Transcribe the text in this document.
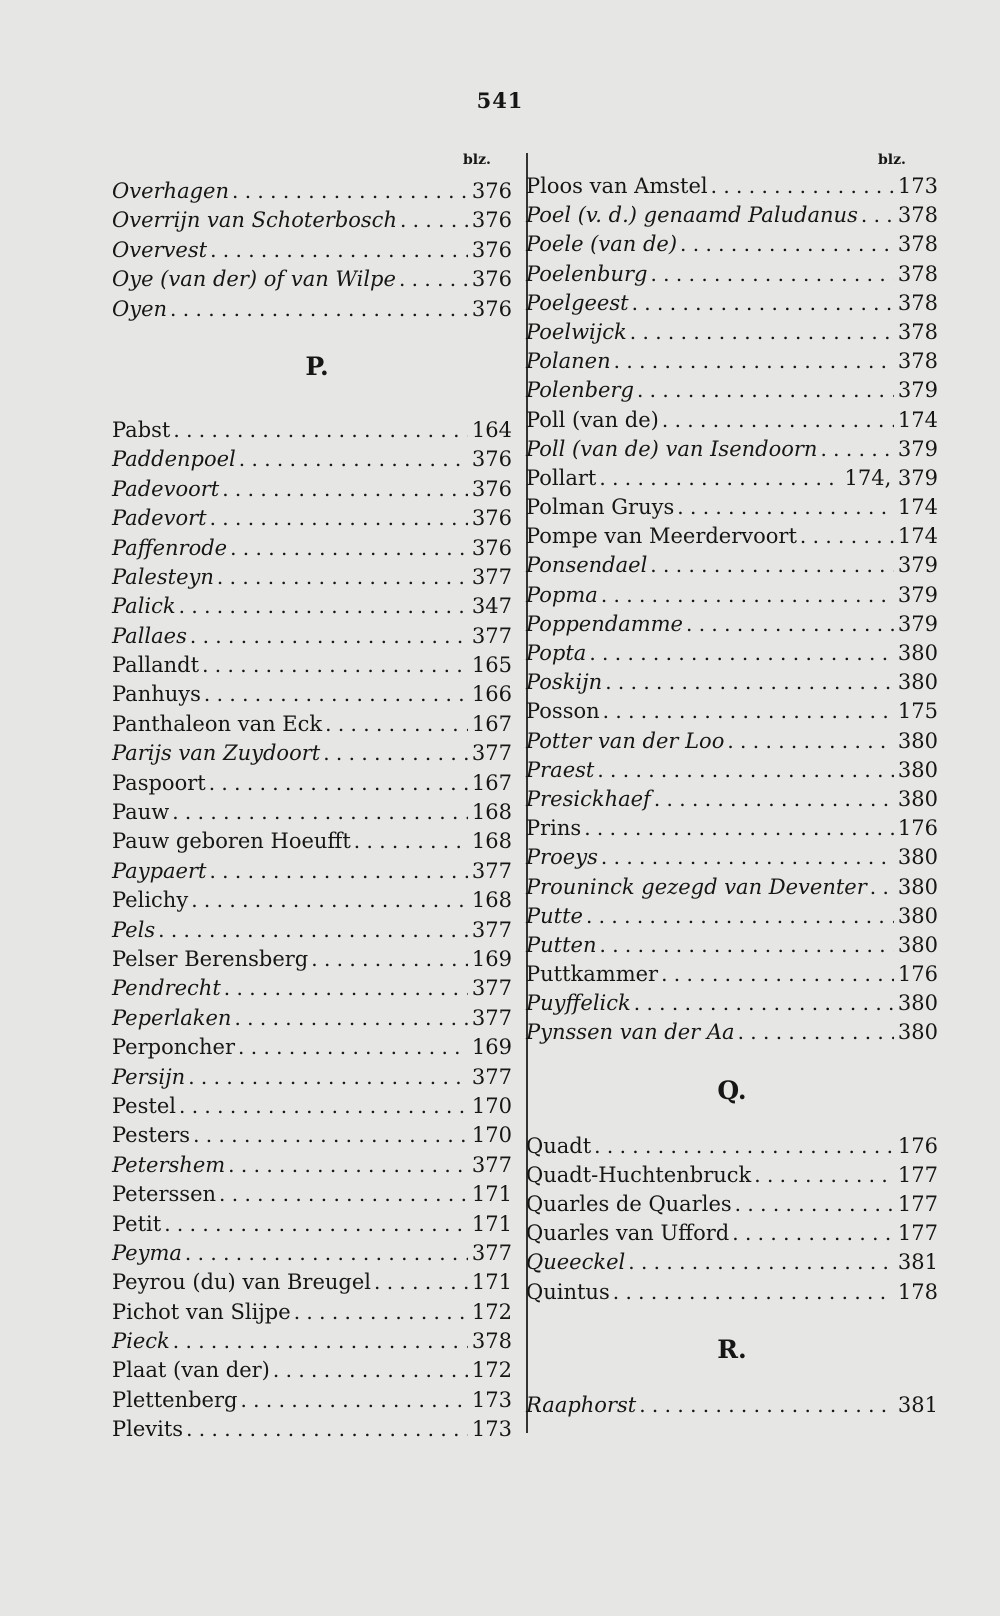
541
blz.	blz.
Overhagen . . .	376
Overrijn van Schoterbosch . . .	376
Overvest . . .	376
Oye (van der) of van Wilpe . . .	376
Oyen . . .	376
P.
Pabst . . .	164
Paddenpoel . . .	376
Padevoort . . .	376
Padevort . . .	376
Paffenrode . . .	376
Palesteyn . . .	377
Palick . . .	347
Pallaes . . .	377
Pallandt . . .	165
Panhuys . . .	166
Panthaleon van Eck . . .	167
Parijs van Zuydoort . . .	377
Paspoort . . .	167
Pauw . . .	168
Pauw geboren Hoeufft . . .	168
Paypaert . . .	377
Pelichy . . .	168
Pels . . .	377
Pelser Berensberg . . .	169
Pendrecht . . .	377
Peperlaken . . .	377
Perponcher . . .	169
Persijn . . .	377
Pestel . . .	170
Pesters . . .	170
Petershem . . .	377
Peterssen . . .	171
Petit . . .	171
Peyma . . .	377
Peyrou (du) van Breugel . . .	171
Pichot van Slijpe . . .	172
Pieck . . .	378
Plaat (van der) . . .	172
Plettenberg . . .	173
Plevits . . .	173
Ploos van Amstel . . .	173
Poel (v. d.) genaamd Paludanus . . . 378
Poele (van de) . . .	378
Poelenburg . . .	378
Poelgeest . . .	378
Poelwijck . . .	378
Polanen . . .	378
Polenberg . . .	379
Poll (van de) . . .	174
Poll (van de) van Isendoorn . . .	379
Pollart . . .	174, 379
Polman Gruys . . .	174
Pompe van Meerdervoort . . .	174
Ponsendael . . .	379
Popma . . .	379
Poppendamme . . .	379
Popta . . .	380
Poskijn . . .	380
Posson . . .	175
Potter van der Loo . . .	380
Praest . . .	380
Presickhaef . . .	380
Prins . . .	176
Proeys . . .	380
Prouninck gezegd van Deventer . . . 380
Putte . . .	380
Putten . . .	380
Puttkammer . . .	176
Puyffelick . . .	380
Pynssen van der Aa . . .	380
Q.
Quadt . . .	176
Quadt-Huchtenbruck . . .	177
Quarles de Quarles . . .	177
Quarles van Ufford . . .	177
Queeckel . . .	381
Quintus . . .	178
R.
Raaphorst . . .	381
